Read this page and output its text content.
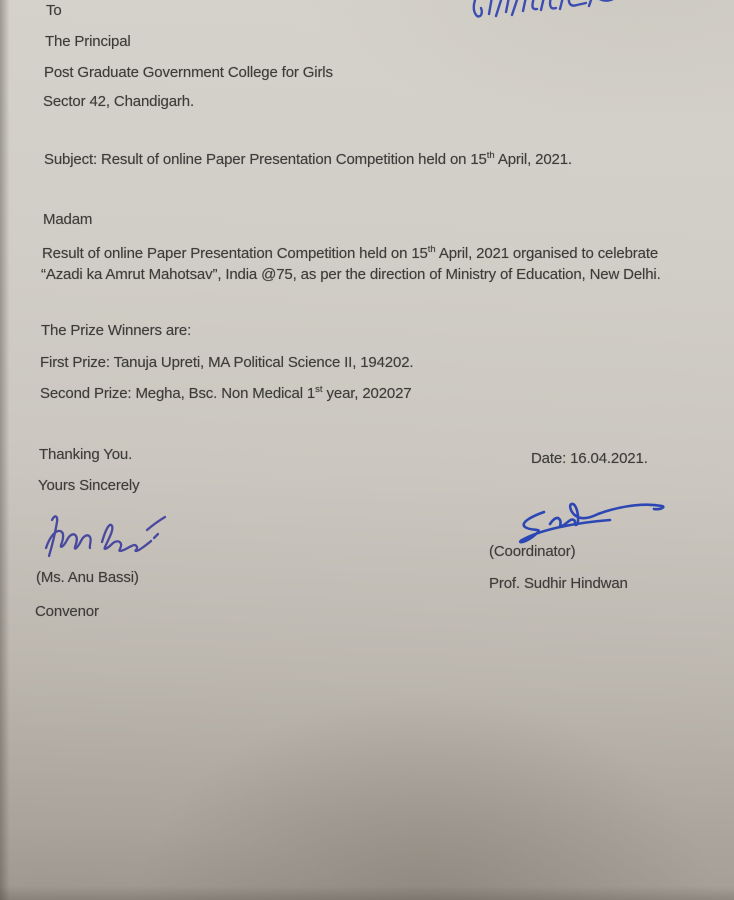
To
The Principal
Post Graduate Government College for Girls
Sector 42, Chandigarh.
Subject: Result of online Paper Presentation Competition held on 15th April, 2021.
Madam
Result of online Paper Presentation Competition held on 15th April, 2021 organised to celebrate
“Azadi ka Amrut Mahotsav”, India @75, as per the direction of Ministry of Education, New Delhi.
The Prize Winners are:
First Prize: Tanuja Upreti, MA Political Science II, 194202.
Second Prize: Megha, Bsc. Non Medical 1st year, 202027
Thanking You.	Date: 16.04.2021.
Yours Sincerely
(Coordinator)
(Ms. Anu Bassi)	Prof. Sudhir Hindwan
Convenor
